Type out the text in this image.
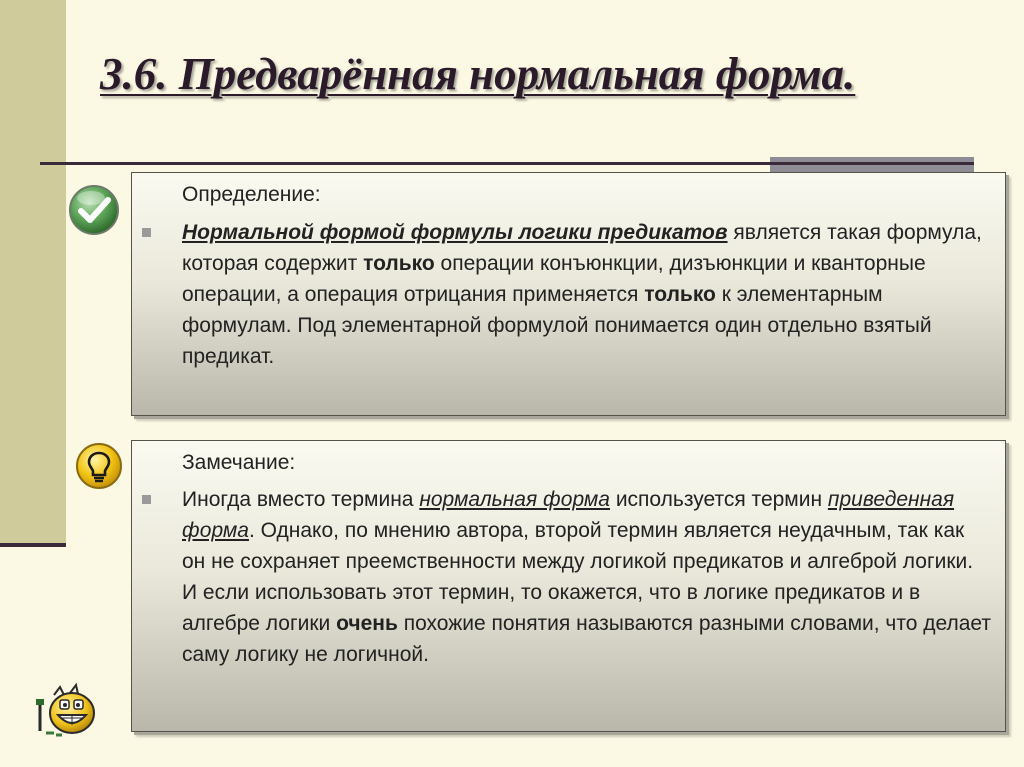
3.6. Предварённая нормальная форма.
Определение:
Нормальной формой формулы логики предикатов является такая формула, которая содержит только операции конъюнкции, дизъюнкции и кванторные операции, а операция отрицания применяется только к элементарным формулам. Под элементарной формулой понимается один отдельно взятый предикат.
Замечание:
Иногда вместо термина нормальная форма используется термин приведенная форма. Однако, по мнению автора, второй термин является неудачным, так как он не сохраняет преемственности между логикой предикатов и алгеброй логики. И если использовать этот термин, то окажется, что в логике предикатов и в алгебре логики очень похожие понятия называются разными словами, что делает саму логику не логичной.
